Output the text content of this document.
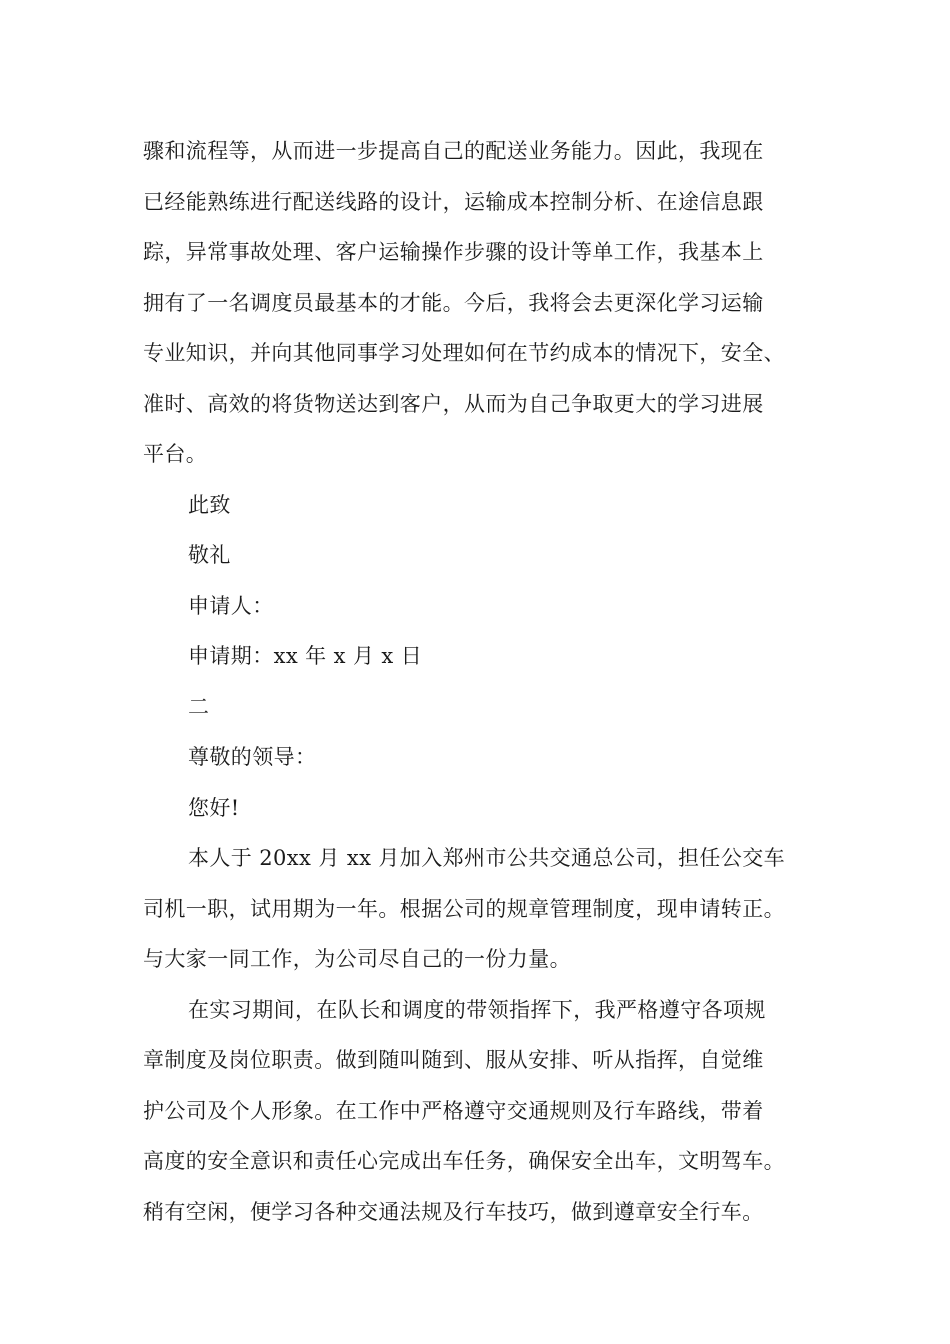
骤和流程等，从而进一步提高自己的配送业务能力。因此，我现在
已经能熟练进行配送线路的设计，运输成本控制分析、在途信息跟
踪，异常事故处理、客户运输操作步骤的设计等单工作，我基本上
拥有了一名调度员最基本的才能。今后，我将会去更深化学习运输
专业知识，并向其他同事学习处理如何在节约成本的情况下，安全、
准时、高效的将货物送达到客户，从而为自己争取更大的学习进展
平台。
此致
敬礼
申请人：
申请期：xx 年 x 月 x 日
二
尊敬的领导：
您好!
本人于 20xx 月 xx 月加入郑州市公共交通总公司，担任公交车
司机一职，试用期为一年。根据公司的规章管理制度，现申请转正。
与大家一同工作，为公司尽自己的一份力量。
在实习期间，在队长和调度的带领指挥下，我严格遵守各项规
章制度及岗位职责。做到随叫随到、服从安排、听从指挥，自觉维
护公司及个人形象。在工作中严格遵守交通规则及行车路线，带着
高度的安全意识和责任心完成出车任务，确保安全出车，文明驾车。
稍有空闲，便学习各种交通法规及行车技巧，做到遵章安全行车。
